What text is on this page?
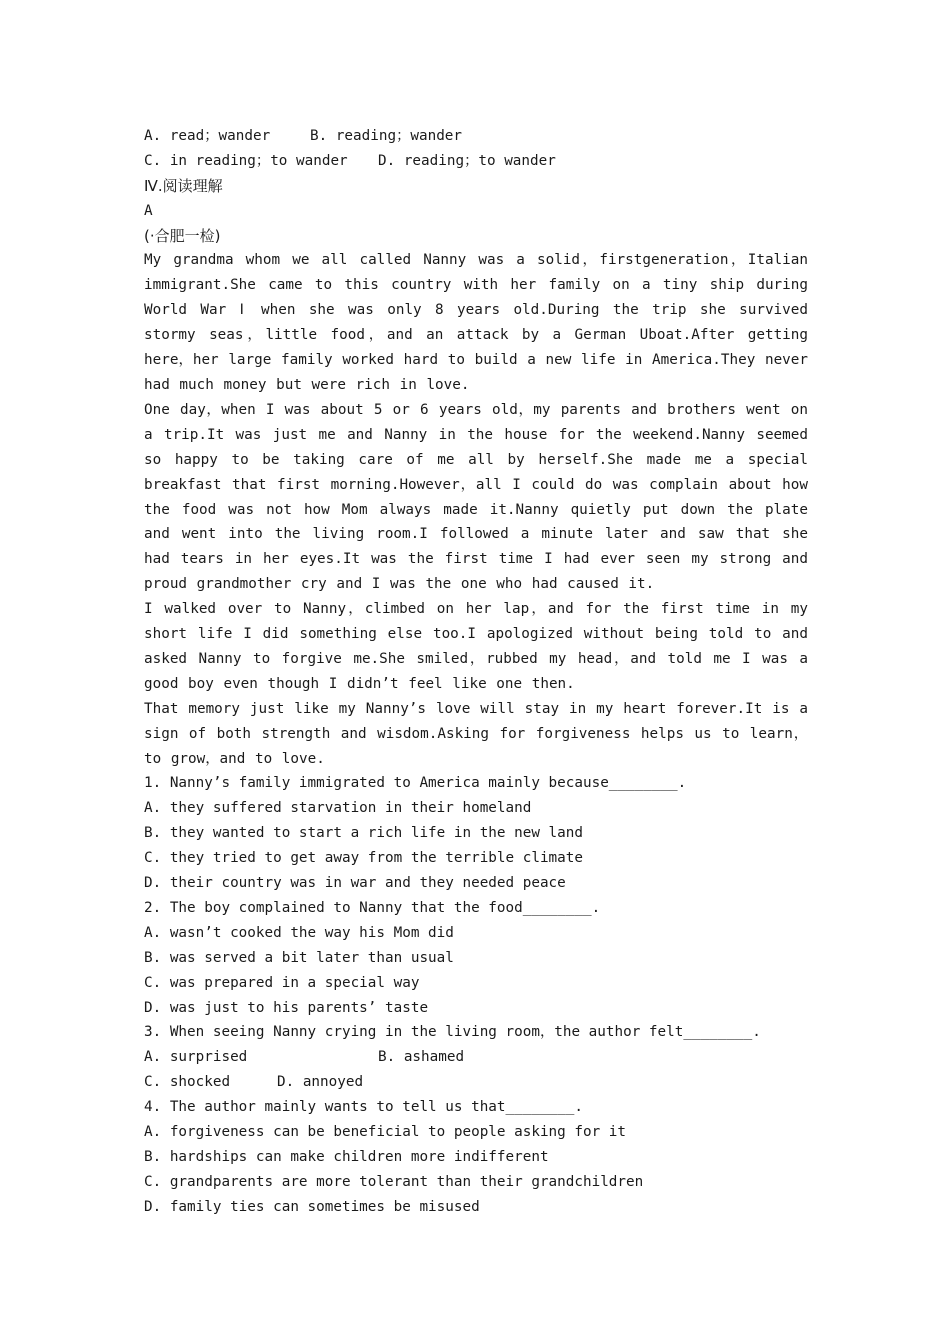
A. read；wander	B. reading；wander
C. in reading；to wander	D. reading；to wander
Ⅳ.阅读理解
A
(·合肥一检)
My grandma whom we all called Nanny was a solid，firstgeneration，Italian immigrant.She came to this country with her family on a tiny ship during World War Ⅰ when she was only 8 years old.During the trip she survived stormy seas，little food，and an attack by a German Uboat.After getting here，her large family worked hard to build a new life in America.They never had much money but were rich in love.
One day，when I was about 5 or 6 years old，my parents and brothers went on a trip.It was just me and Nanny in the house for the weekend.Nanny seemed so happy to be taking care of me all by herself.She made me a special breakfast that first morning.However，all I could do was complain about how the food was not how Mom always made it.Nanny quietly put down the plate and went into the living room.I followed a minute later and saw that she had tears in her eyes.It was the first time I had ever seen my strong and proud grandmother cry and I was the one who had caused it.
I walked over to Nanny，climbed on her lap，and for the first time in my short life I did something else too.I apologized without being told to and asked Nanny to forgive me.She smiled，rubbed my head，and told me I was a good boy even though I didn’t feel like one then.
That memory just like my Nanny’s love will stay in my heart forever.It is a sign of both strength and wisdom.Asking for forgiveness helps us to learn，to grow，and to love.
1. Nanny’s family immigrated to America mainly because________.
A. they suffered starvation in their homeland
B. they wanted to start a rich life in the new land
C. they tried to get away from the terrible climate
D. their country was in war and they needed peace
2. The boy complained to Nanny that the food________.
A. wasn’t cooked the way his Mom did
B. was served a bit later than usual
C. was prepared in a special way
D. was just to his parents’ taste
3. When seeing Nanny crying in the living room，the author felt________.
A. surprised	B. ashamed
C. shocked	D. annoyed
4. The author mainly wants to tell us that________.
A. forgiveness can be beneficial to people asking for it
B. hardships can make children more indifferent
C. grandparents are more tolerant than their grandchildren
D. family ties can sometimes be misused
